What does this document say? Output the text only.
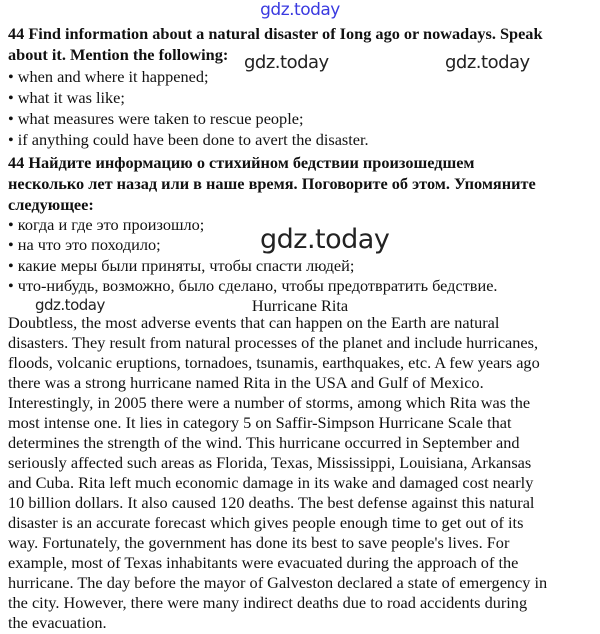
gdz.today
44 Find information about a natural disaster of Iong ago or nowadays. Speak
about it. Mention the following:
• when and where it happened;
• what it was like;
• what measures were taken to rescue people;
• if anything could have been done to avert the disaster.
gdz.today	gdz.today
44 Найдите информацию о стихийном бедствии произошедшем
несколько лет назад или в наше время. Поговорите об этом. Упомяните
следующее:
• когда и где это произошло;
• на что это походило;
• какие меры были приняты, чтобы спасти людей;
• что-нибудь, возможно, было сделано, чтобы предотвратить бедствие.
gdz.today
gdz.today	Hurricane Rita
Doubtless, the most adverse events that can happen on the Earth are natural
disasters. They result from natural processes of the planet and include hurricanes,
floods, volcanic eruptions, tornadoes, tsunamis, earthquakes, etc. A few years ago
there was a strong hurricane named Rita in the USA and Gulf of Mexico.
Interestingly, in 2005 there were a number of storms, among which Rita was the
most intense one. It lies in category 5 on Saffir-Simpson Hurricane Scale that
determines the strength of the wind. This hurricane occurred in September and
seriously affected such areas as Florida, Texas, Mississippi, Louisiana, Arkansas
and Cuba. Rita left much economic damage in its wake and damaged cost nearly
10 billion dollars. It also caused 120 deaths. The best defense against this natural
disaster is an accurate forecast which gives people enough time to get out of its
way. Fortunately, the government has done its best to save people's lives. For
example, most of Texas inhabitants were evacuated during the approach of the
hurricane. The day before the mayor of Galveston declared a state of emergency in
the city. However, there were many indirect deaths due to road accidents during
the evacuation.
